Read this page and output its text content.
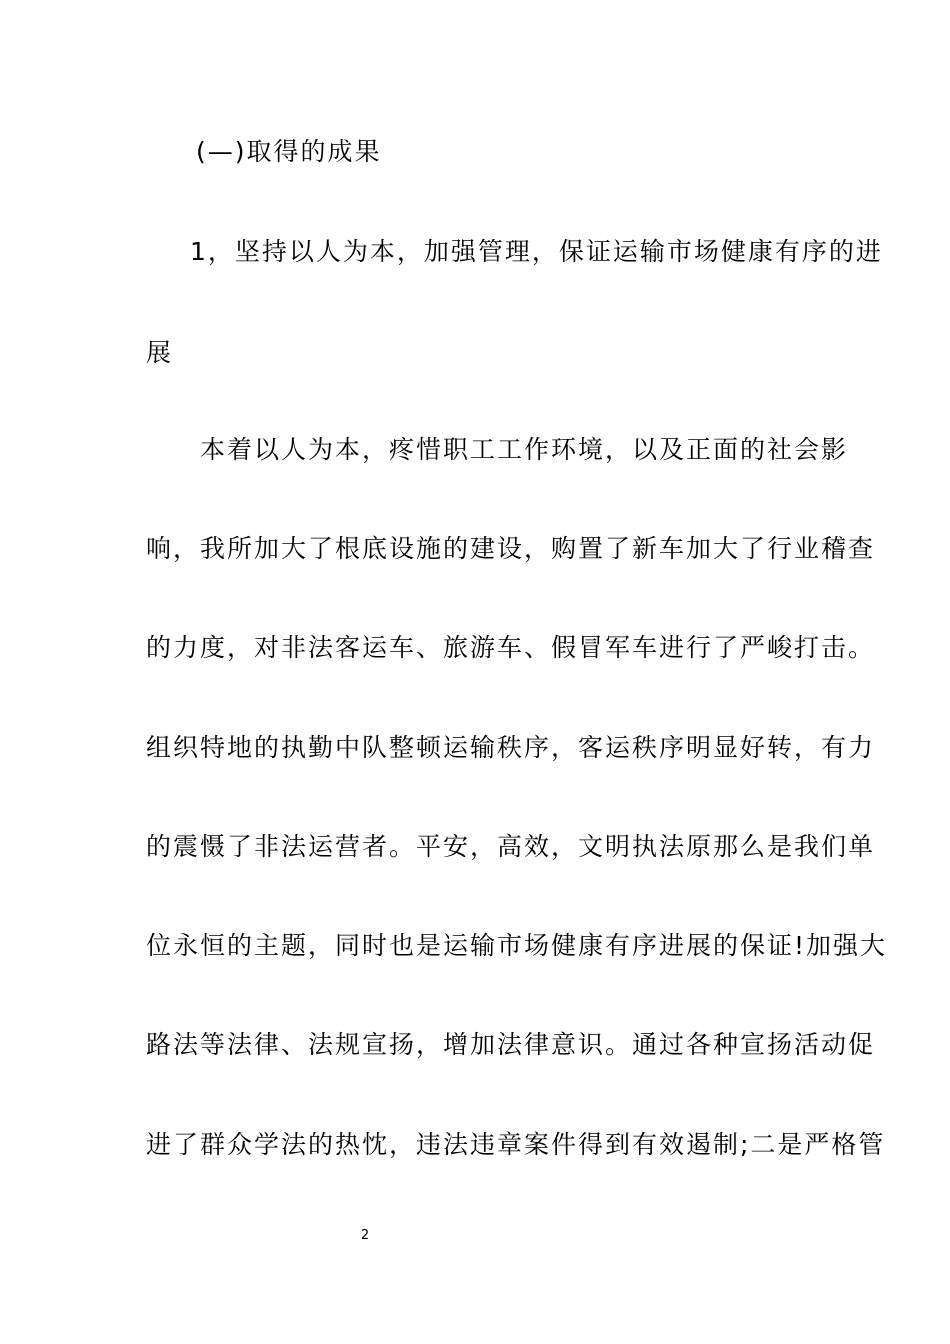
(—)取得的成果
1，坚持以人为本，加强管理，保证运输市场健康有序的进
展
本着以人为本，疼惜职工工作环境，以及正面的社会影
响，我所加大了根底设施的建设，购置了新车加大了行业稽查
的力度，对非法客运车、旅游车、假冒军车进行了严峻打击。
组织特地的执勤中队整顿运输秩序，客运秩序明显好转，有力
的震慑了非法运营者。平安，高效，文明执法原那么是我们单
位永恒的主题，同时也是运输市场健康有序进展的保证!加强大
路法等法律、法规宣扬，增加法律意识。通过各种宣扬活动促
进了群众学法的热忱，违法违章案件得到有效遏制;二是严格管
2
